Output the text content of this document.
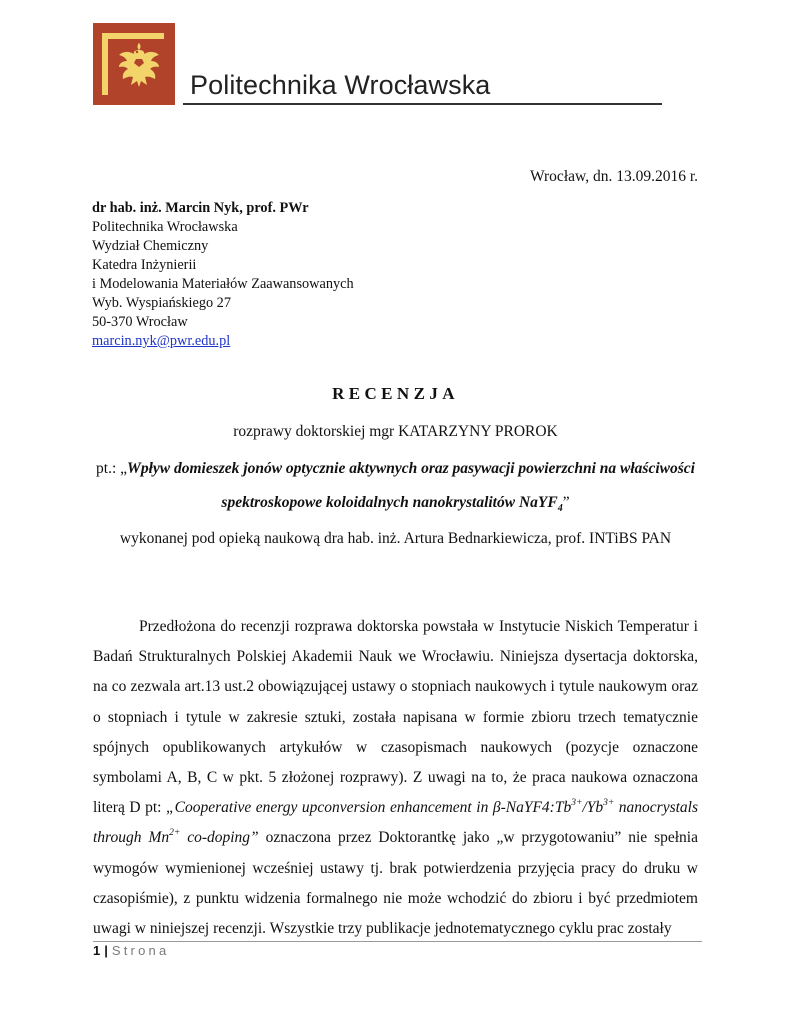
Politechnika Wrocławska
Wrocław, dn. 13.09.2016 r.
dr hab. inż. Marcin Nyk, prof. PWr
Politechnika Wrocławska
Wydział Chemiczny
Katedra Inżynierii
i Modelowania Materiałów Zaawansowanych
Wyb. Wyspiańskiego 27
50-370 Wrocław
marcin.nyk@pwr.edu.pl
RECENZJA
rozprawy doktorskiej mgr KATARZYNY PROROK
pt.: „Wpływ domieszek jonów optycznie aktywnych oraz pasywacji powierzchni na właściwości
spektroskopowe koloidalnych nanokrystalitów NaYF$_4$”
wykonanej pod opieką naukową dra hab. inż. Artura Bednarkiewicza, prof. INTiBS PAN

Przedłożona do recenzji rozprawa doktorska powstała w Instytucie Niskich Temperatur i Badań Strukturalnych Polskiej Akademii Nauk we Wrocławiu. Niniejsza dysertacja doktorska, na co zezwala art.13 ust.2 obowiązującej ustawy o stopniach naukowych i tytule naukowym oraz o stopniach i tytule w zakresie sztuki, została napisana w formie zbioru trzech tematycznie spójnych opublikowanych artykułów w czasopismach naukowych (pozycje oznaczone symbolami A, B, C w pkt. 5 złożonej rozprawy). Z uwagi na to, że praca naukowa oznaczona literą D pt: „Cooperative energy upconversion enhancement in $\beta-NaYF4:Tb^{3+}/Yb^{3+}$ nanocrystals through $Mn^{2+}$ co-doping” oznaczona przez Doktorantkę jako „w przygotowaniu” nie spełnia wymogów wymienionej wcześniej ustawy tj. brak potwierdzenia przyjęcia pracy do druku w czasopiśmie), z punktu widzenia formalnego nie może wchodzić do zbioru i być przedmiotem uwagi w niniejszej recenzji. Wszystkie trzy publikacje jednotematycznego cyklu prac zostały

1 | Strona
